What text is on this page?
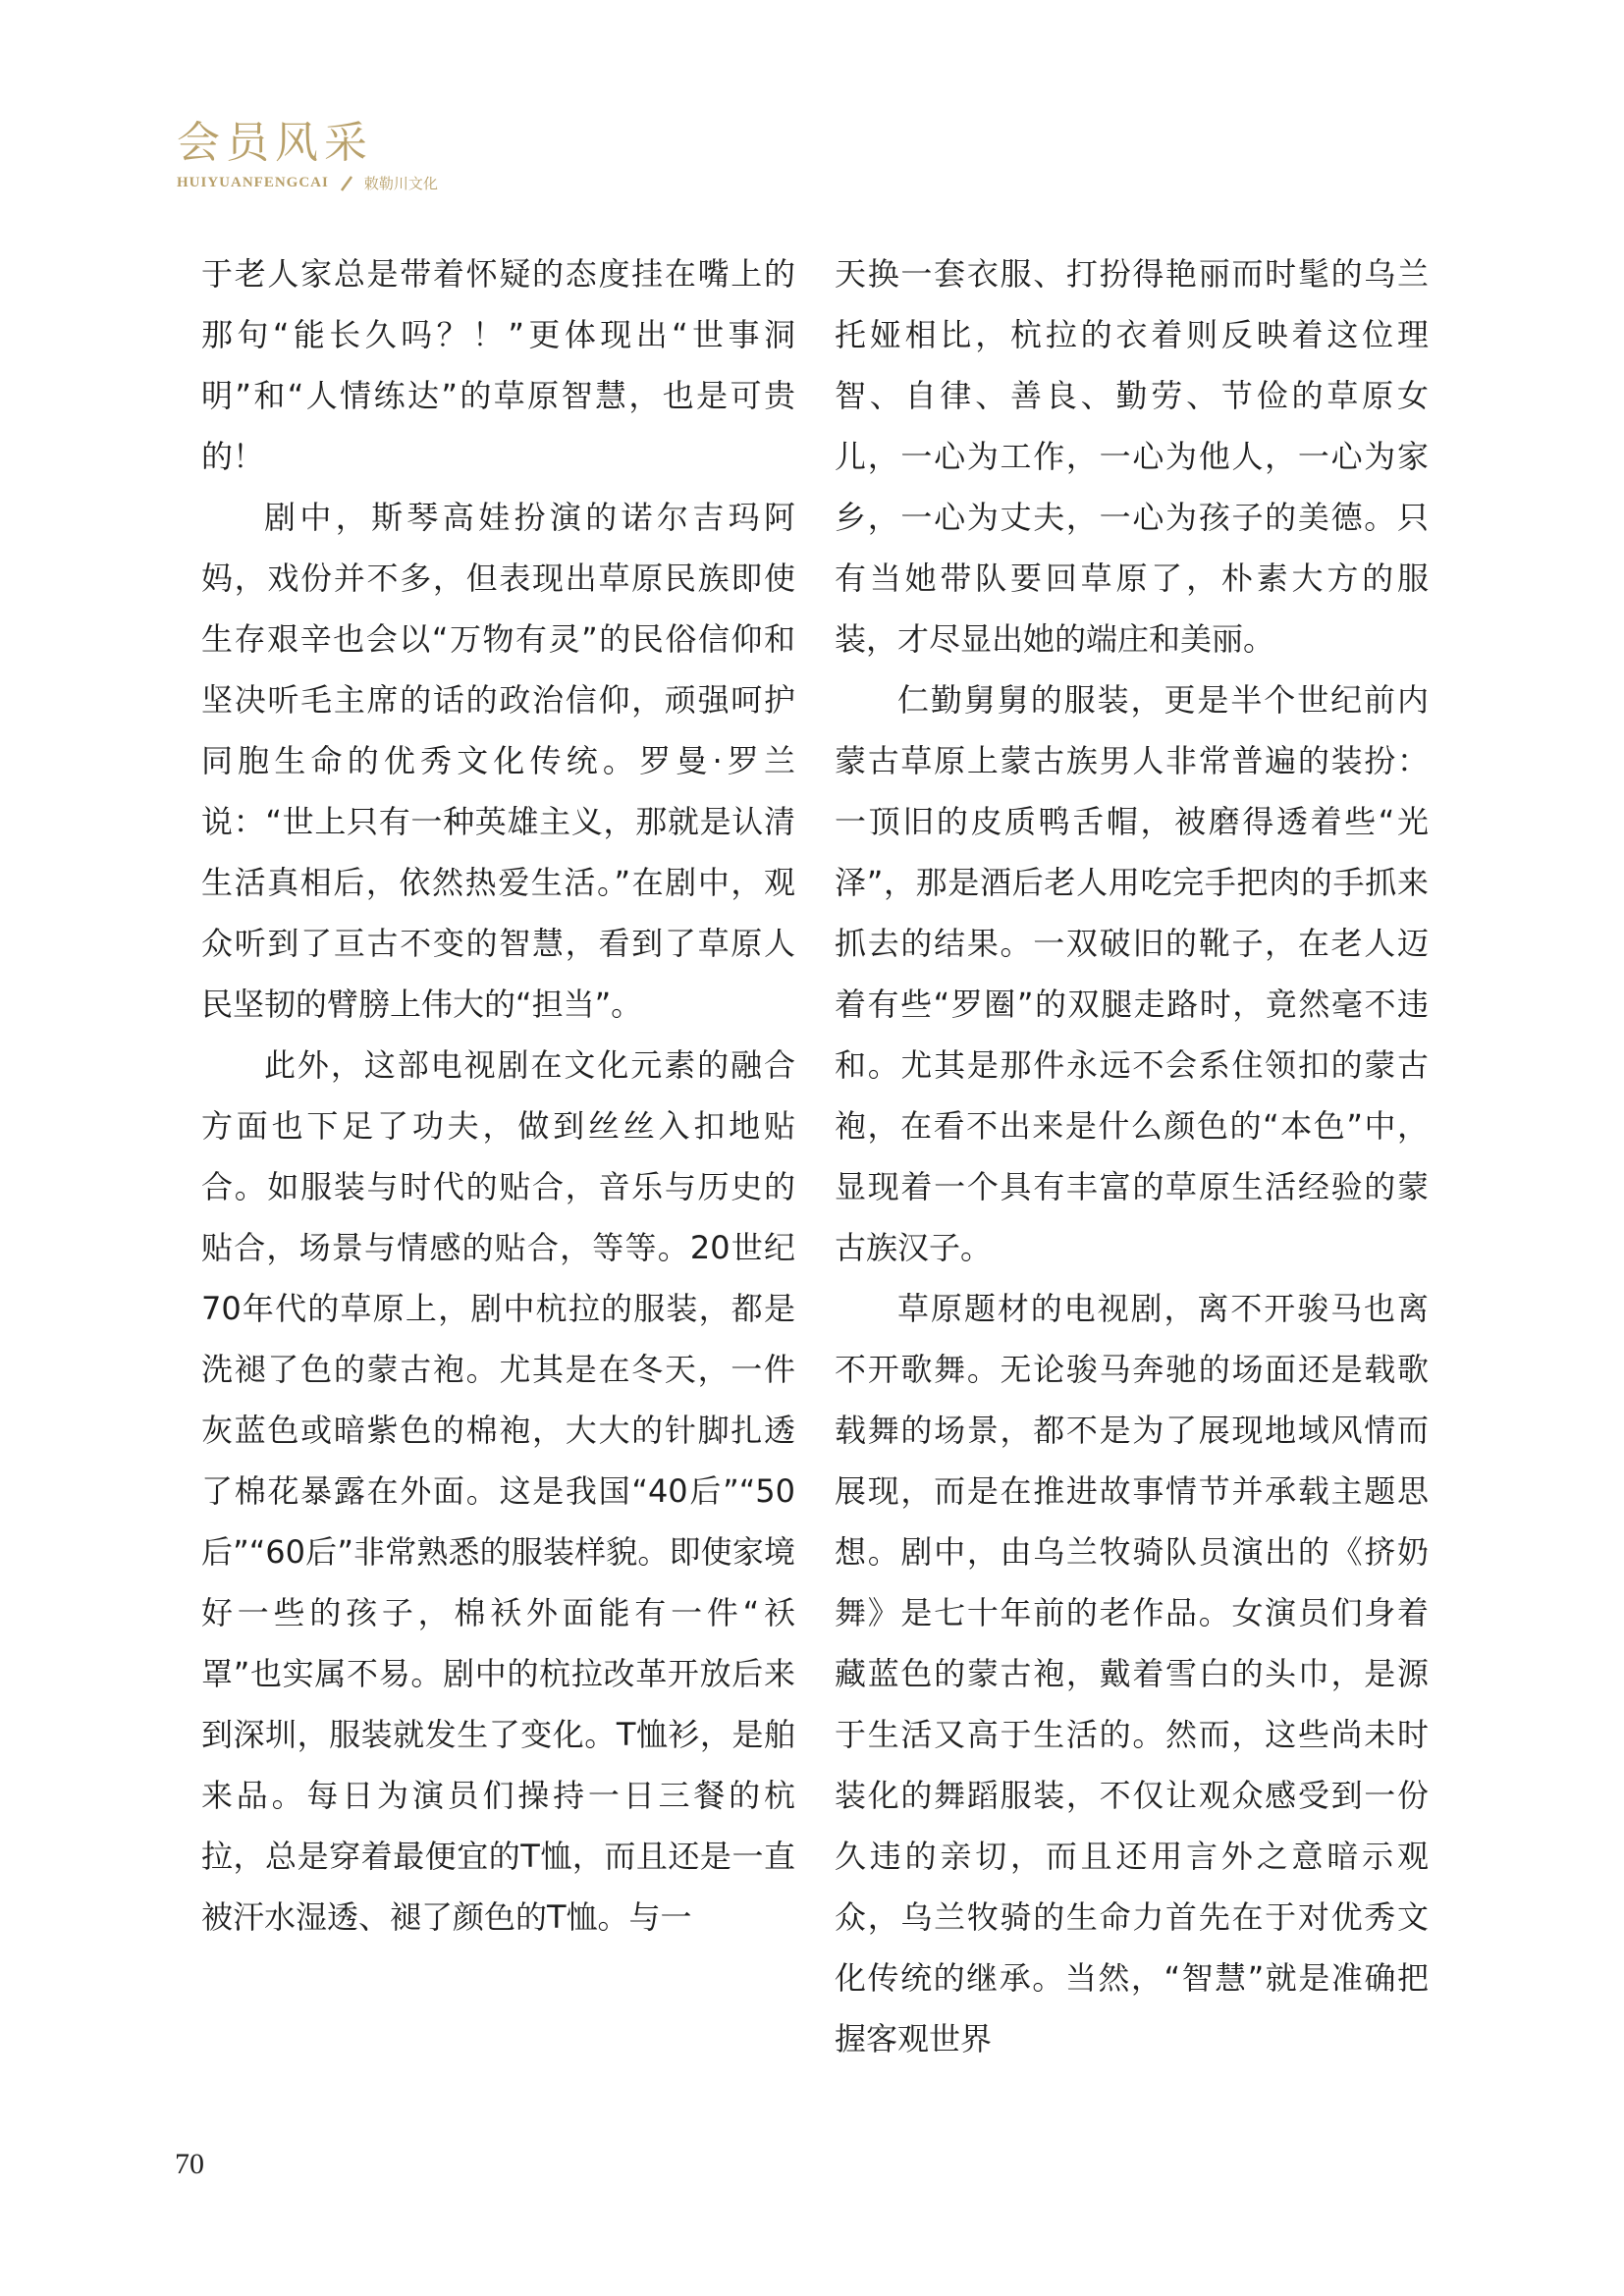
会员风采
HUIYUANFENGCAI 敕勒川文化

于老人家总是带着怀疑的态度挂在嘴上的那句“能长久吗？！”更体现出“世事洞明”和“人情练达”的草原智慧，也是可贵的！

剧中，斯琴高娃扮演的诺尔吉玛阿妈，戏份并不多，但表现出草原民族即使生存艰辛也会以“万物有灵”的民俗信仰和坚决听毛主席的话的政治信仰，顽强呵护同胞生命的优秀文化传统。罗曼·罗兰说：“世上只有一种英雄主义，那就是认清生活真相后，依然热爱生活。”在剧中，观众听到了亘古不变的智慧，看到了草原人民坚韧的臂膀上伟大的“担当”。

此外，这部电视剧在文化元素的融合方面也下足了功夫，做到丝丝入扣地贴合。如服装与时代的贴合，音乐与历史的贴合，场景与情感的贴合，等等。20世纪70年代的草原上，剧中杭拉的服装，都是洗褪了色的蒙古袍。尤其是在冬天，一件灰蓝色或暗紫色的棉袍，大大的针脚扎透了棉花暴露在外面。这是我国“40后”“50后”“60后”非常熟悉的服装样貌。即使家境好一些的孩子，棉袄外面能有一件“袄罩”也实属不易。剧中的杭拉改革开放后来到深圳，服装就发生了变化。T恤衫，是舶来品。每日为演员们操持一日三餐的杭拉，总是穿着最便宜的T恤，而且还是一直被汗水湿透、褪了颜色的T恤。与一

天换一套衣服、打扮得艳丽而时髦的乌兰托娅相比，杭拉的衣着则反映着这位理智、自律、善良、勤劳、节俭的草原女儿，一心为工作，一心为他人，一心为家乡，一心为丈夫，一心为孩子的美德。只有当她带队要回草原了，朴素大方的服装，才尽显出她的端庄和美丽。

仁勤舅舅的服装，更是半个世纪前内蒙古草原上蒙古族男人非常普遍的装扮：一顶旧的皮质鸭舌帽，被磨得透着些“光泽”，那是酒后老人用吃完手把肉的手抓来抓去的结果。一双破旧的靴子，在老人迈着有些“罗圈”的双腿走路时，竟然毫不违和。尤其是那件永远不会系住领扣的蒙古袍，在看不出来是什么颜色的“本色”中，显现着一个具有丰富的草原生活经验的蒙古族汉子。

草原题材的电视剧，离不开骏马也离不开歌舞。无论骏马奔驰的场面还是载歌载舞的场景，都不是为了展现地域风情而展现，而是在推进故事情节并承载主题思想。剧中，由乌兰牧骑队员演出的《挤奶舞》是七十年前的老作品。女演员们身着藏蓝色的蒙古袍，戴着雪白的头巾，是源于生活又高于生活的。然而，这些尚未时装化的舞蹈服装，不仅让观众感受到一份久违的亲切，而且还用言外之意暗示观众，乌兰牧骑的生命力首先在于对优秀文化传统的继承。当然，“智慧”就是准确把握客观世界

70
